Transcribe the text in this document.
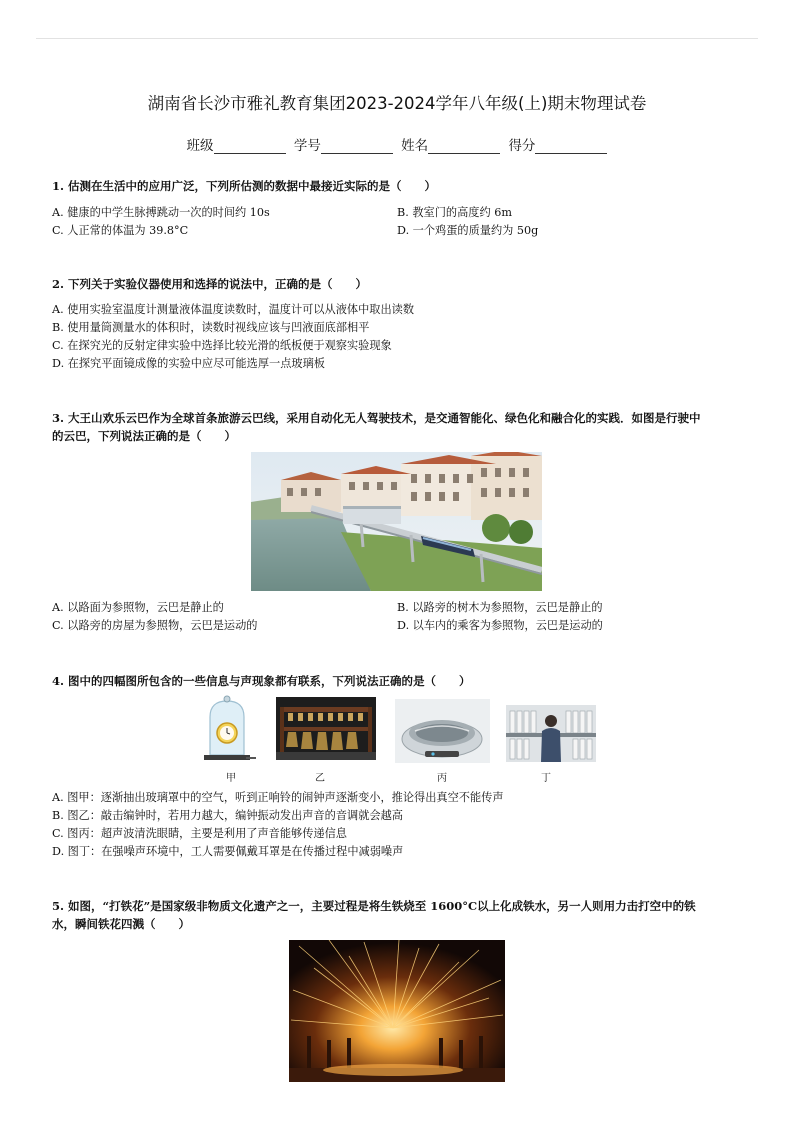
湖南省长沙市雅礼教育集团2023-2024学年八年级(上)期末物理试卷
班级	学号	姓名	得分
1. 估测在生活中的应用广泛，下列所估测的数据中最接近实际的是（　　）
A. 健康的中学生脉搏跳动一次的时间约 10s	B. 教室门的高度约 6m
C. 人正常的体温为 39.8°C	D. 一个鸡蛋的质量约为 50g
2. 下列关于实验仪器使用和选择的说法中，正确的是（　　）
A. 使用实验室温度计测量液体温度读数时，温度计可以从液体中取出读数
B. 使用量筒测量水的体积时，读数时视线应该与凹液面底部相平
C. 在探究光的反射定律实验中选择比较光滑的纸板便于观察实验现象
D. 在探究平面镜成像的实验中应尽可能选厚一点玻璃板
3. 大王山欢乐云巴作为全球首条旅游云巴线，采用自动化无人驾驶技术，是交通智能化、绿色化和融合化的实践．如图是行驶中
的云巴，下列说法正确的是（　　）
A. 以路面为参照物，云巴是静止的	B. 以路旁的树木为参照物，云巴是静止的
C. 以路旁的房屋为参照物，云巴是运动的	D. 以车内的乘客为参照物，云巴是运动的
4. 图中的四幅图所包含的一些信息与声现象都有联系，下列说法正确的是（　　）
甲	乙	丙	丁
A. 图甲：逐渐抽出玻璃罩中的空气，听到正响铃的闹钟声逐渐变小，推论得出真空不能传声
B. 图乙：敲击编钟时，若用力越大，编钟振动发出声音的音调就会越高
C. 图丙：超声波清洗眼睛，主要是利用了声音能够传递信息
D. 图丁：在强噪声环境中，工人需要佩戴耳罩是在传播过程中减弱噪声
5. 如图，“打铁花”是国家级非物质文化遗产之一，主要过程是将生铁烧至 1600°C以上化成铁水，另一人则用力击打空中的铁
水，瞬间铁花四溅（　　）
